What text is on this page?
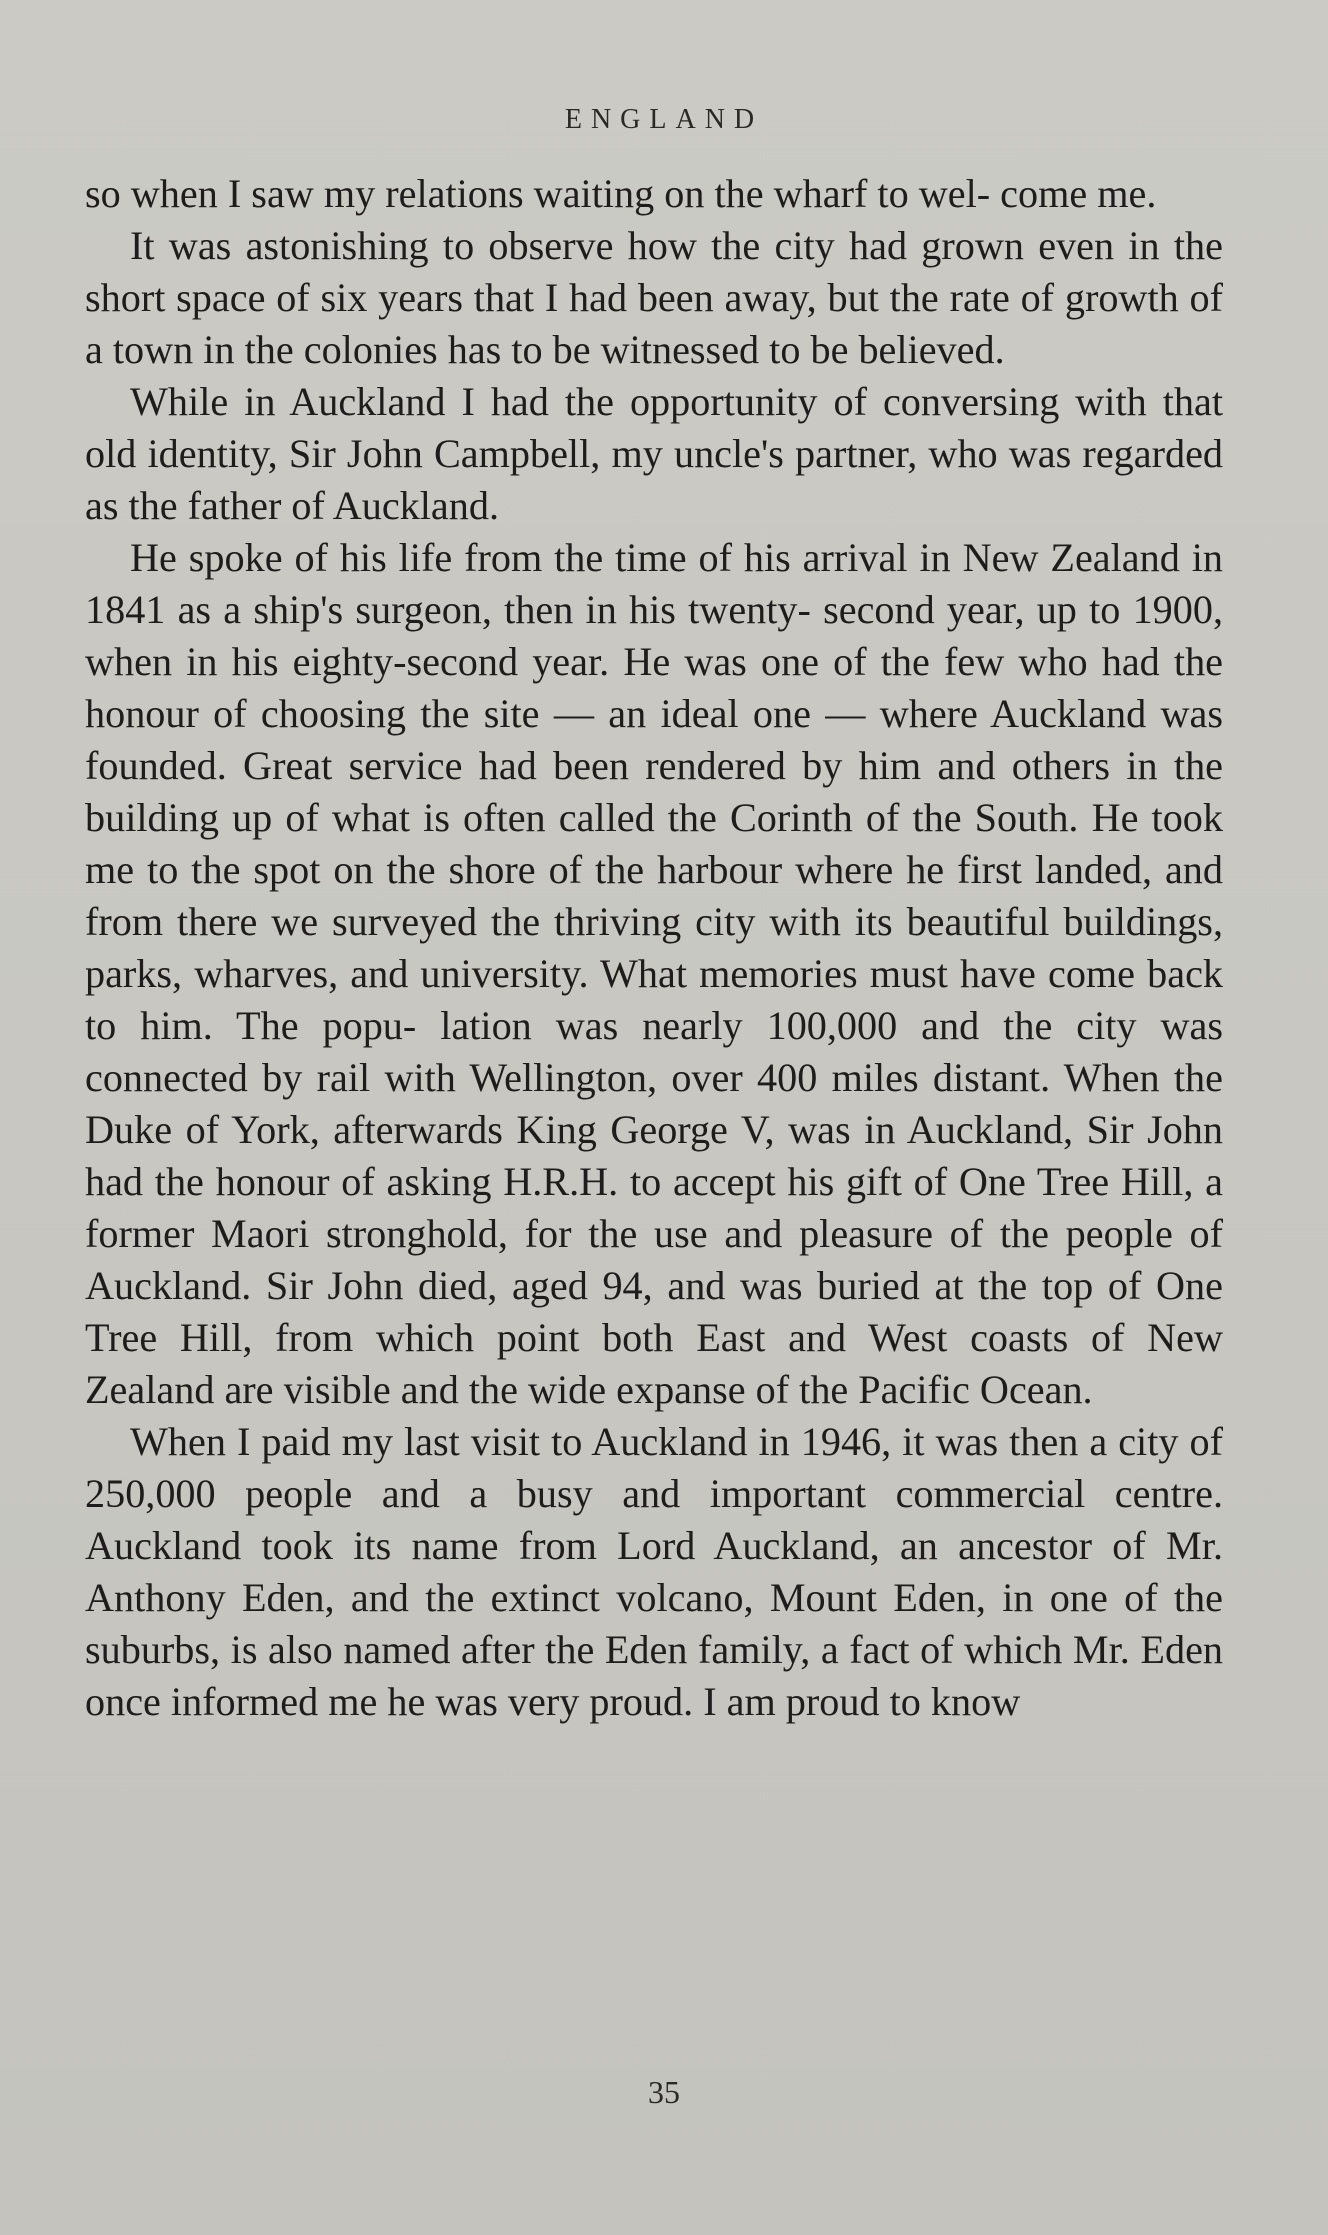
ENGLAND

so when I saw my relations waiting on the wharf to wel- come me.

It was astonishing to observe how the city had grown even in the short space of six years that I had been away, but the rate of growth of a town in the colonies has to be witnessed to be believed.

While in Auckland I had the opportunity of conversing with that old identity, Sir John Campbell, my uncle's partner, who was regarded as the father of Auckland.

He spoke of his life from the time of his arrival in New Zealand in 1841 as a ship's surgeon, then in his twenty- second year, up to 1900, when in his eighty-second year. He was one of the few who had the honour of choosing the site — an ideal one — where Auckland was founded. Great service had been rendered by him and others in the building up of what is often called the Corinth of the South. He took me to the spot on the shore of the harbour where he first landed, and from there we surveyed the thriving city with its beautiful buildings, parks, wharves, and university. What memories must have come back to him. The popu- lation was nearly 100,000 and the city was connected by rail with Wellington, over 400 miles distant. When the Duke of York, afterwards King George V, was in Auckland, Sir John had the honour of asking H.R.H. to accept his gift of One Tree Hill, a former Maori stronghold, for the use and pleasure of the people of Auckland. Sir John died, aged 94, and was buried at the top of One Tree Hill, from which point both East and West coasts of New Zealand are visible and the wide expanse of the Pacific Ocean.

When I paid my last visit to Auckland in 1946, it was then a city of 250,000 people and a busy and important commercial centre. Auckland took its name from Lord Auckland, an ancestor of Mr. Anthony Eden, and the extinct volcano, Mount Eden, in one of the suburbs, is also named after the Eden family, a fact of which Mr. Eden once informed me he was very proud. I am proud to know

35
